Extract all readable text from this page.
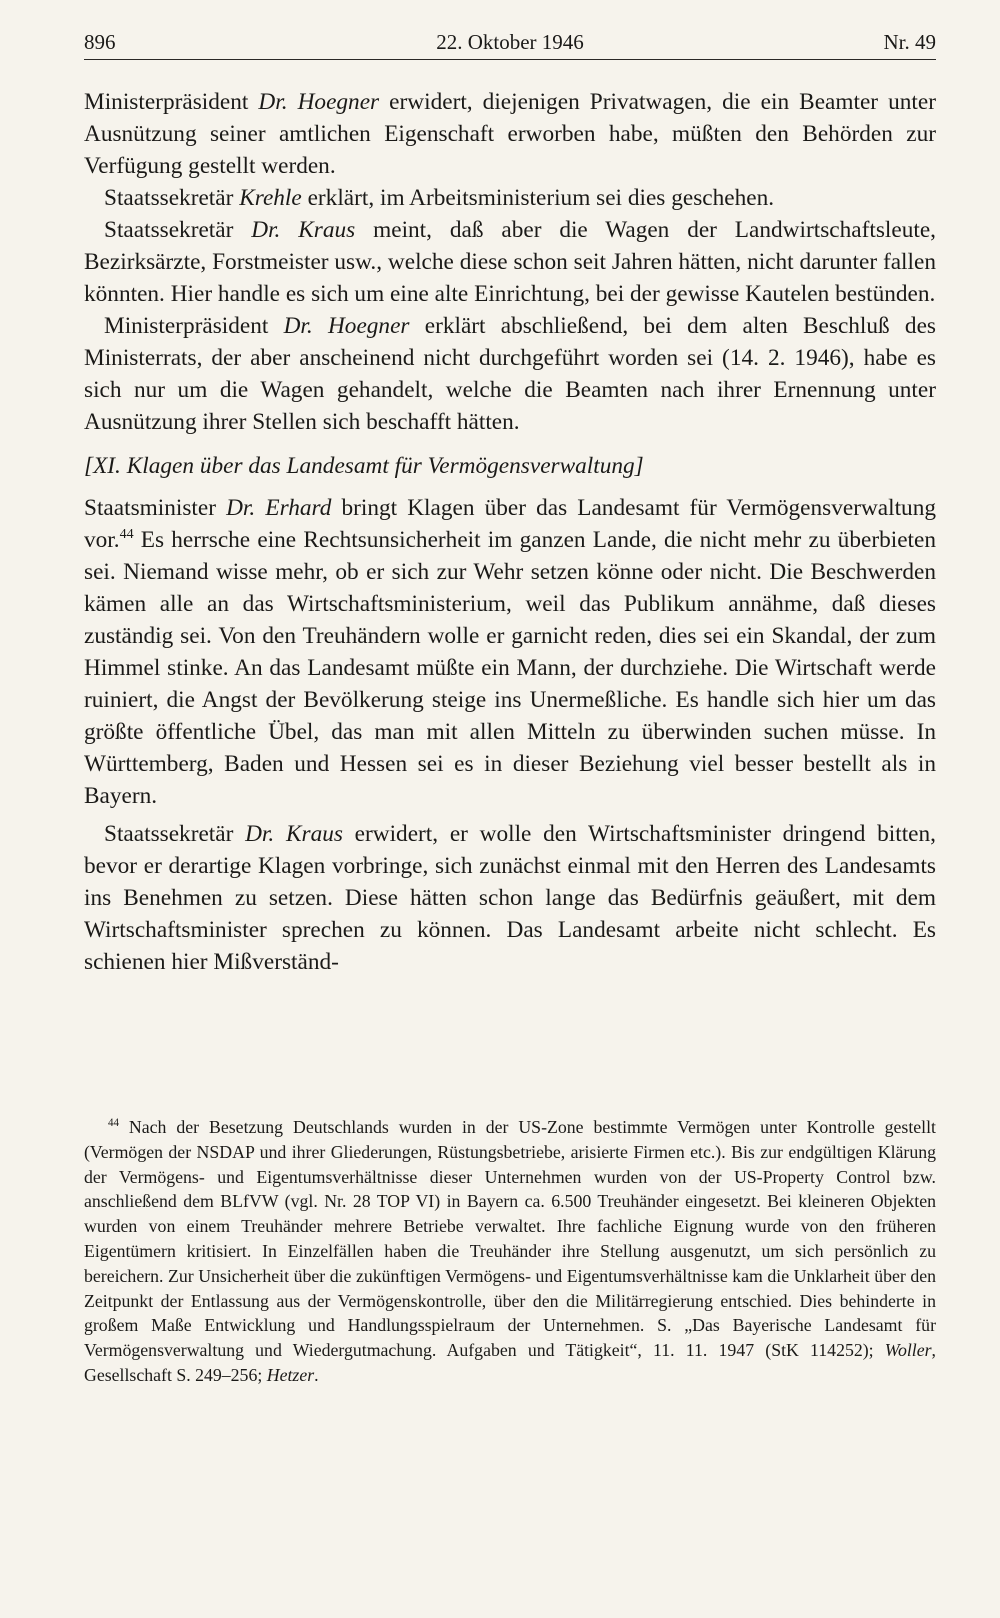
896	22. Oktober 1946	Nr. 49

Ministerpräsident Dr. Hoegner erwidert, diejenigen Privatwagen, die ein Beamter unter Ausnützung seiner amtlichen Eigenschaft erworben habe, müßten den Behörden zur Verfügung gestellt werden.

Staatssekretär Krehle erklärt, im Arbeitsministerium sei dies geschehen.

Staatssekretär Dr. Kraus meint, daß aber die Wagen der Landwirtschaftsleute, Bezirksärzte, Forstmeister usw., welche diese schon seit Jahren hätten, nicht darunter fallen könnten. Hier handle es sich um eine alte Einrichtung, bei der gewisse Kautelen bestünden.

Ministerpräsident Dr. Hoegner erklärt abschließend, bei dem alten Beschluß des Ministerrats, der aber anscheinend nicht durchgeführt worden sei (14. 2. 1946), habe es sich nur um die Wagen gehandelt, welche die Beamten nach ihrer Ernennung unter Ausnützung ihrer Stellen sich beschafft hätten.

[XI. Klagen über das Landesamt für Vermögensverwaltung]

Staatsminister Dr. Erhard bringt Klagen über das Landesamt für Vermögensverwaltung vor.$^{44}$ Es herrsche eine Rechtsunsicherheit im ganzen Lande, die nicht mehr zu überbieten sei. Niemand wisse mehr, ob er sich zur Wehr setzen könne oder nicht. Die Beschwerden kämen alle an das Wirtschaftsministerium, weil das Publikum annähme, daß dieses zuständig sei. Von den Treuhändern wolle er garnicht reden, dies sei ein Skandal, der zum Himmel stinke. An das Landesamt müßte ein Mann, der durchziehe. Die Wirtschaft werde ruiniert, die Angst der Bevölkerung steige ins Unermeßliche. Es handle sich hier um das größte öffentliche Übel, das man mit allen Mitteln zu überwinden suchen müsse. In Württemberg, Baden und Hessen sei es in dieser Beziehung viel besser bestellt als in Bayern.

Staatssekretär Dr. Kraus erwidert, er wolle den Wirtschaftsminister dringend bitten, bevor er derartige Klagen vorbringe, sich zunächst einmal mit den Herren des Landesamts ins Benehmen zu setzen. Diese hätten schon lange das Bedürfnis geäußert, mit dem Wirtschaftsminister sprechen zu können. Das Landesamt arbeite nicht schlecht. Es schienen hier Mißverständ-

$^{44}$ Nach der Besetzung Deutschlands wurden in der US-Zone bestimmte Vermögen unter Kontrolle gestellt (Vermögen der NSDAP und ihrer Gliederungen, Rüstungsbetriebe, arisierte Firmen etc.). Bis zur endgültigen Klärung der Vermögens- und Eigentumsverhältnisse dieser Unternehmen wurden von der US-Property Control bzw. anschließend dem BLfVW (vgl. Nr. 28 TOP VI) in Bayern ca. 6.500 Treuhänder eingesetzt. Bei kleineren Objekten wurden von einem Treuhänder mehrere Betriebe verwaltet. Ihre fachliche Eignung wurde von den früheren Eigentümern kritisiert. In Einzelfällen haben die Treuhänder ihre Stellung ausgenutzt, um sich persönlich zu bereichern. Zur Unsicherheit über die zukünftigen Vermögens- und Eigentumsverhältnisse kam die Unklarheit über den Zeitpunkt der Entlassung aus der Vermögenskontrolle, über den die Militärregierung entschied. Dies behinderte in großem Maße Entwicklung und Handlungsspielraum der Unternehmen. S. „Das Bayerische Landesamt für Vermögensverwaltung und Wiedergutmachung. Aufgaben und Tätigkeit“, 11. 11. 1947 (StK 114252); Woller, Gesellschaft S. 249–256; Hetzer.
